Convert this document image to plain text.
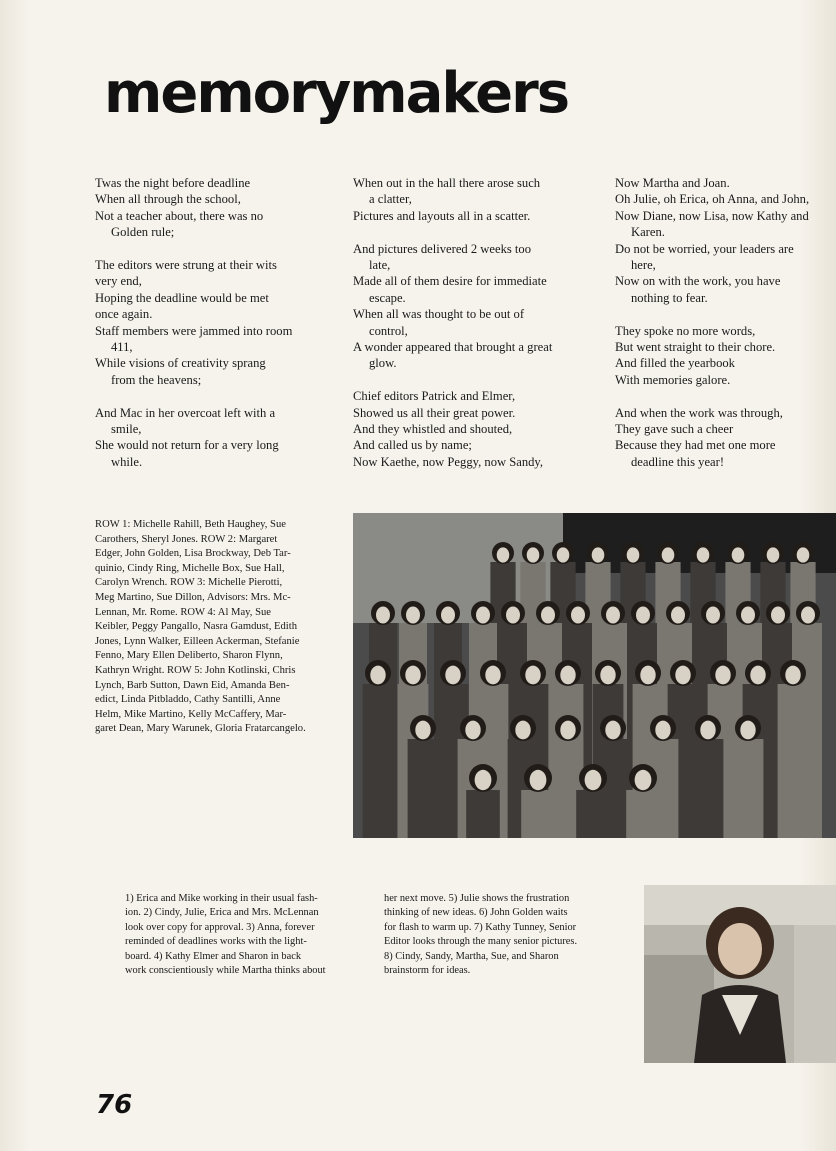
memorymakers
Twas the night before deadline
When all through the school,
Not a teacher about, there was no
Golden rule;
The editors were strung at their wits
very end,
Hoping the deadline would be met
once again.
Staff members were jammed into room
411,
While visions of creativity sprang
from the heavens;
And Mac in her overcoat left with a
smile,
She would not return for a very long
while.
When out in the hall there arose such
a clatter,
Pictures and layouts all in a scatter.
And pictures delivered 2 weeks too
late,
Made all of them desire for immediate
escape.
When all was thought to be out of
control,
A wonder appeared that brought a great
glow.
Chief editors Patrick and Elmer,
Showed us all their great power.
And they whistled and shouted,
And called us by name;
Now Kaethe, now Peggy, now Sandy,
Now Martha and Joan.
Oh Julie, oh Erica, oh Anna, and John,
Now Diane, now Lisa, now Kathy and
Karen.
Do not be worried, your leaders are
here,
Now on with the work, you have
nothing to fear.
They spoke no more words,
But went straight to their chore.
And filled the yearbook
With memories galore.
And when the work was through,
They gave such a cheer
Because they had met one more
deadline this year!
ROW 1: Michelle Rahill, Beth Haughey, Sue
Carothers, Sheryl Jones. ROW 2: Margaret
Edger, John Golden, Lisa Brockway, Deb Tar-
quinio, Cindy Ring, Michelle Box, Sue Hall,
Carolyn Wrench. ROW 3: Michelle Pierotti,
Meg Martino, Sue Dillon, Advisors: Mrs. Mc-
Lennan, Mr. Rome. ROW 4: Al May, Sue
Keibler, Peggy Pangallo, Nasra Gamdust, Edith
Jones, Lynn Walker, Eilleen Ackerman, Stefanie
Fenno, Mary Ellen Deliberto, Sharon Flynn,
Kathryn Wright. ROW 5: John Kotlinski, Chris
Lynch, Barb Sutton, Dawn Eid, Amanda Ben-
edict, Linda Pitbladdo, Cathy Santilli, Anne
Helm, Mike Martino, Kelly McCaffery, Mar-
garet Dean, Mary Warunek, Gloria Fratarcangelo.
1) Erica and Mike working in their usual fash-
ion. 2) Cindy, Julie, Erica and Mrs. McLennan
look over copy for approval. 3) Anna, forever
reminded of deadlines works with the light-
board. 4) Kathy Elmer and Sharon in back
work conscientiously while Martha thinks about
her next move. 5) Julie shows the frustration
thinking of new ideas. 6) John Golden waits
for flash to warm up. 7) Kathy Tunney, Senior
Editor looks through the many senior pictures.
8) Cindy, Sandy, Martha, Sue, and Sharon
brainstorm for ideas.
76
